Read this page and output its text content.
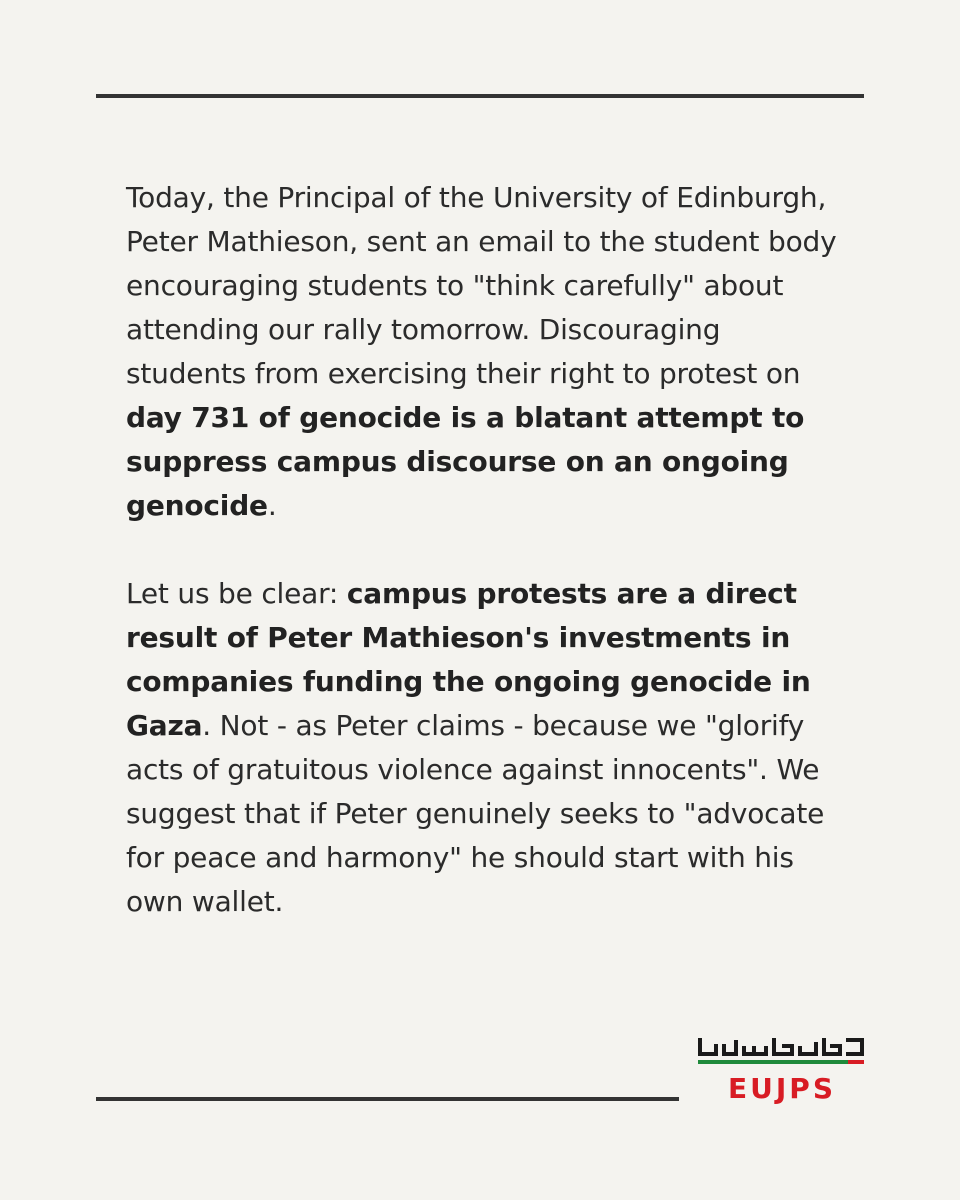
Today, the Principal of the University of Edinburgh, Peter Mathieson, sent an email to the student body encouraging students to "think carefully" about attending our rally tomorrow. Discouraging students from exercising their right to protest on day 731 of genocide is a blatant attempt to suppress campus discourse on an ongoing genocide.

Let us be clear: campus protests are a direct result of Peter Mathieson's investments in companies funding the ongoing genocide in Gaza. Not - as Peter claims - because we "glorify acts of gratuitous violence against innocents". We suggest that if Peter genuinely seeks to "advocate for peace and harmony" he should start with his own wallet.

EUJPS
